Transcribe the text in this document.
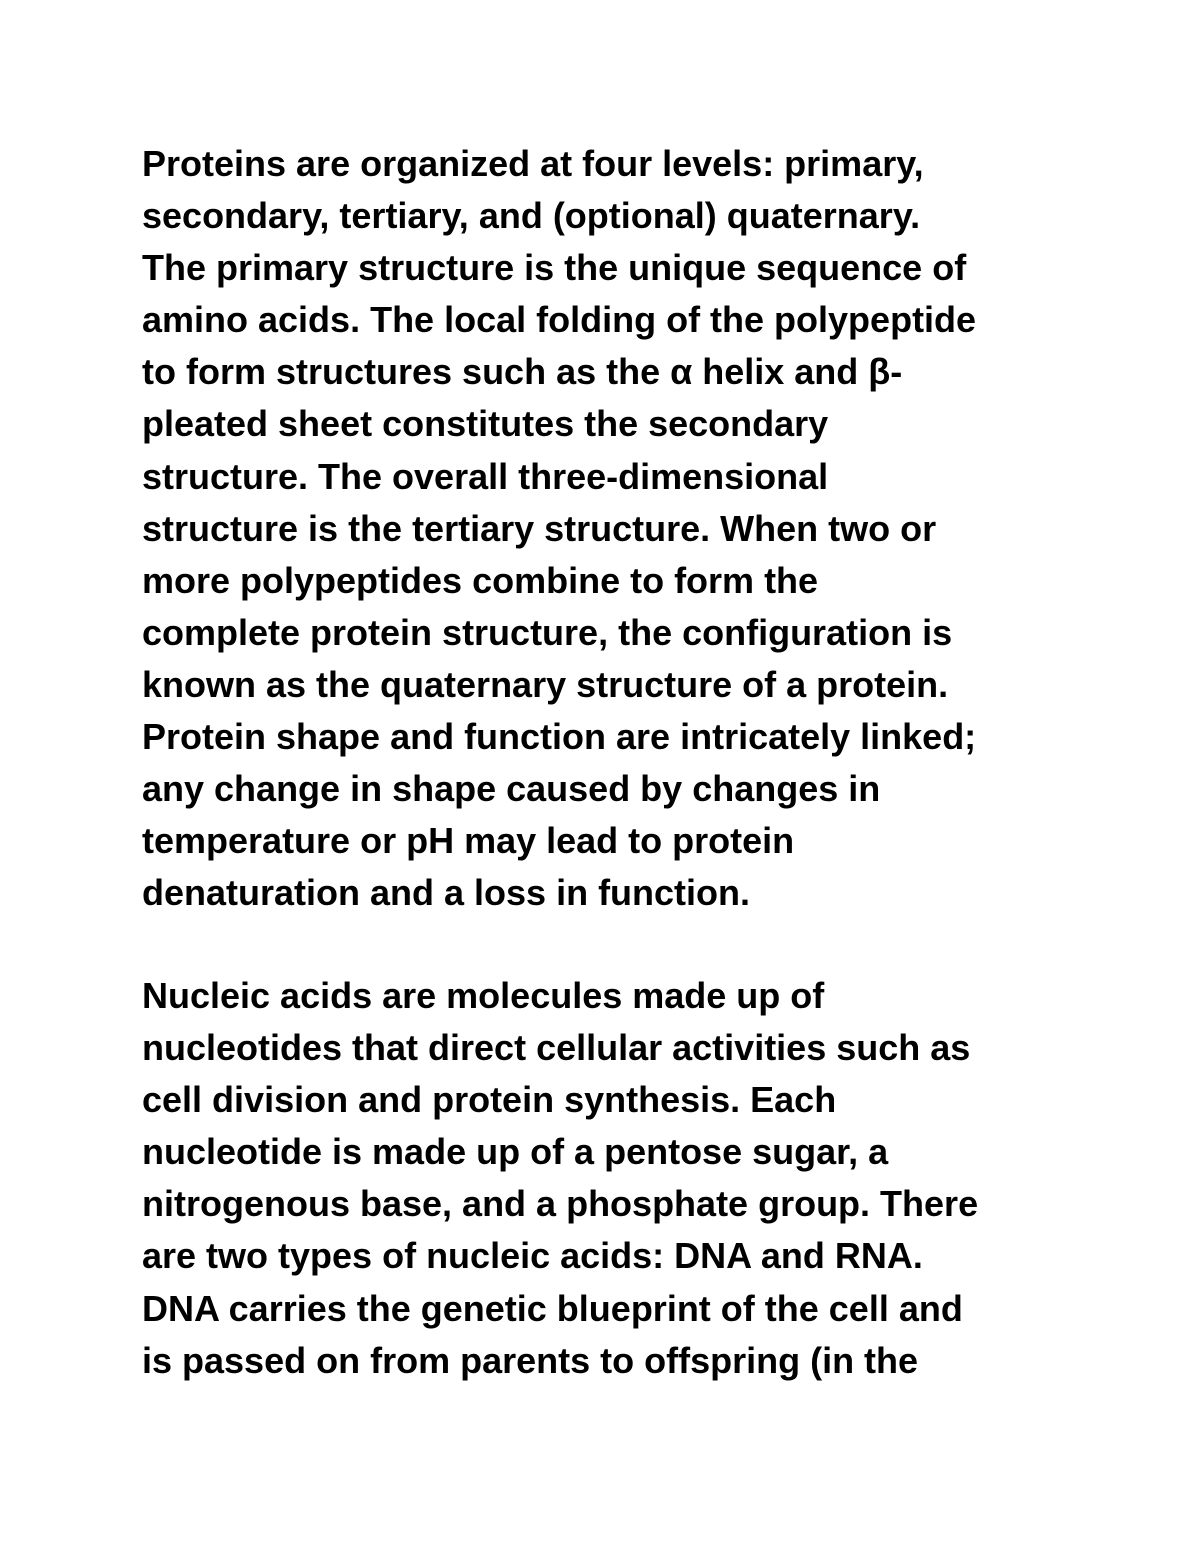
Proteins are organized at four levels: primary,
secondary, tertiary, and (optional) quaternary.
The primary structure is the unique sequence of
amino acids. The local folding of the polypeptide
to form structures such as the α helix and β-
pleated sheet constitutes the secondary
structure. The overall three-dimensional
structure is the tertiary structure. When two or
more polypeptides combine to form the
complete protein structure, the configuration is
known as the quaternary structure of a protein.
Protein shape and function are intricately linked;
any change in shape caused by changes in
temperature or pH may lead to protein
denaturation and a loss in function.
Nucleic acids are molecules made up of
nucleotides that direct cellular activities such as
cell division and protein synthesis. Each
nucleotide is made up of a pentose sugar, a
nitrogenous base, and a phosphate group. There
are two types of nucleic acids: DNA and RNA.
DNA carries the genetic blueprint of the cell and
is passed on from parents to offspring (in the
